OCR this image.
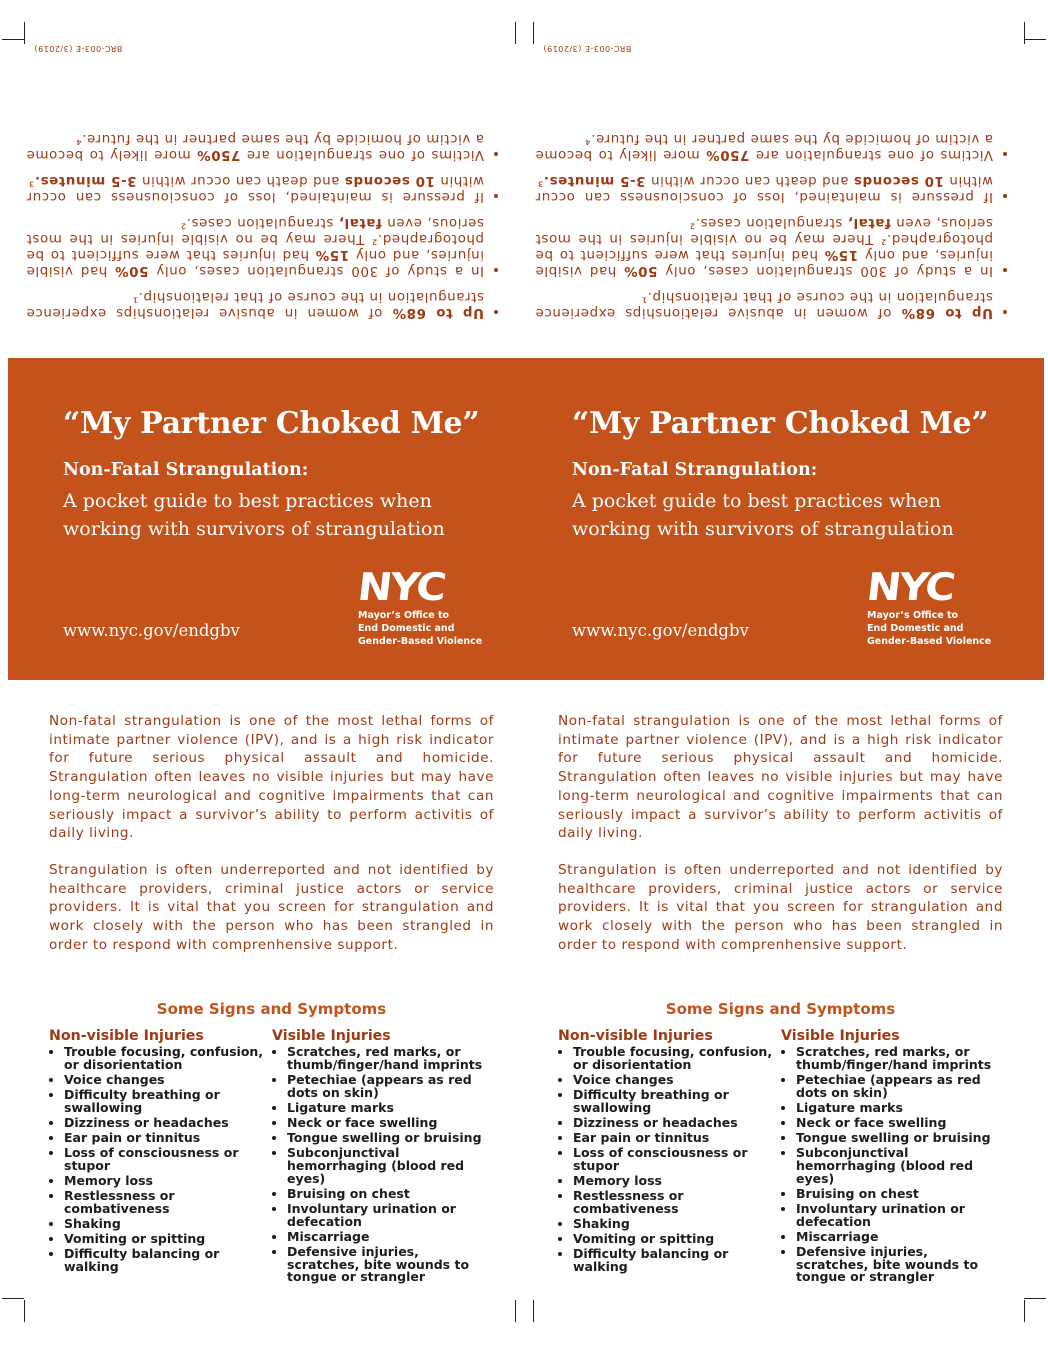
• Up to 68% of women in abusive relationships experience strangulation in the course of that relationship.¹
• In a study of 300 strangulation cases, only 50% had visible injuries, and only 15% had injuries that were sufficient to be photographed.² There may be no visible injuries in the most serious, even fatal, strangulation cases.²
• If pressure is maintained, loss of consciousness can occur within 10 seconds and death can occur within 3-5 minutes.³
• Victims of one strangulation are 750% more likely to become a victim of homicide by the same partner in the future.⁴
BRC-003-E (3/2019)
• Up to 68% of women in abusive relationships experience strangulation in the course of that relationship.¹
• In a study of 300 strangulation cases, only 50% had visible injuries, and only 15% had injuries that were sufficient to be photographed.² There may be no visible injuries in the most serious, even fatal, strangulation cases.²
• If pressure is maintained, loss of consciousness can occur within 10 seconds and death can occur within 3-5 minutes.³
• Victims of one strangulation are 750% more likely to become a victim of homicide by the same partner in the future.⁴
BRC-003-E (3/2019)
“My Partner Choked Me”
Non-Fatal Strangulation:
A pocket guide to best practices when working with survivors of strangulation
www.nyc.gov/endgbv
NYC
Mayor’s Office to
End Domestic and
Gender-Based Violence
“My Partner Choked Me”
Non-Fatal Strangulation:
A pocket guide to best practices when working with survivors of strangulation
www.nyc.gov/endgbv
NYC
Mayor’s Office to
End Domestic and
Gender-Based Violence

Non-fatal strangulation is one of the most lethal forms of intimate partner violence (IPV), and is a high risk indicator for future serious physical assault and homicide. Strangulation often leaves no visible injuries but may have long-term neurological and cognitive impairments that can seriously impact a survivor’s ability to perform activitis of daily living.

Strangulation is often underreported and not identified by healthcare providers, criminal justice actors or service providers. It is vital that you screen for strangulation and work closely with the person who has been strangled in order to respond with comprenhensive support.

Some Signs and Symptoms
Non-visible Injuries
• Trouble focusing, confusion, or disorientation
• Voice changes
• Difficulty breathing or swallowing
• Dizziness or headaches
• Ear pain or tinnitus
• Loss of consciousness or stupor
• Memory loss
• Restlessness or combativeness
• Shaking
• Vomiting or spitting
• Difficulty balancing or walking
Visible Injuries
• Scratches, red marks, or thumb/finger/hand imprints
• Petechiae (appears as red dots on skin)
• Ligature marks
• Neck or face swelling
• Tongue swelling or bruising
• Subconjunctival hemorrhaging (blood red eyes)
• Bruising on chest
• Involuntary urination or defecation
• Miscarriage
• Defensive injuries, scratches, bite wounds to tongue or strangler

Non-fatal strangulation is one of the most lethal forms of intimate partner violence (IPV), and is a high risk indicator for future serious physical assault and homicide. Strangulation often leaves no visible injuries but may have long-term neurological and cognitive impairments that can seriously impact a survivor’s ability to perform activitis of daily living.

Strangulation is often underreported and not identified by healthcare providers, criminal justice actors or service providers. It is vital that you screen for strangulation and work closely with the person who has been strangled in order to respond with comprenhensive support.

Some Signs and Symptoms
Non-visible Injuries
• Trouble focusing, confusion, or disorientation
• Voice changes
• Difficulty breathing or swallowing
• Dizziness or headaches
• Ear pain or tinnitus
• Loss of consciousness or stupor
• Memory loss
• Restlessness or combativeness
• Shaking
• Vomiting or spitting
• Difficulty balancing or walking
Visible Injuries
• Scratches, red marks, or thumb/finger/hand imprints
• Petechiae (appears as red dots on skin)
• Ligature marks
• Neck or face swelling
• Tongue swelling or bruising
• Subconjunctival hemorrhaging (blood red eyes)
• Bruising on chest
• Involuntary urination or defecation
• Miscarriage
• Defensive injuries, scratches, bite wounds to tongue or strangler
